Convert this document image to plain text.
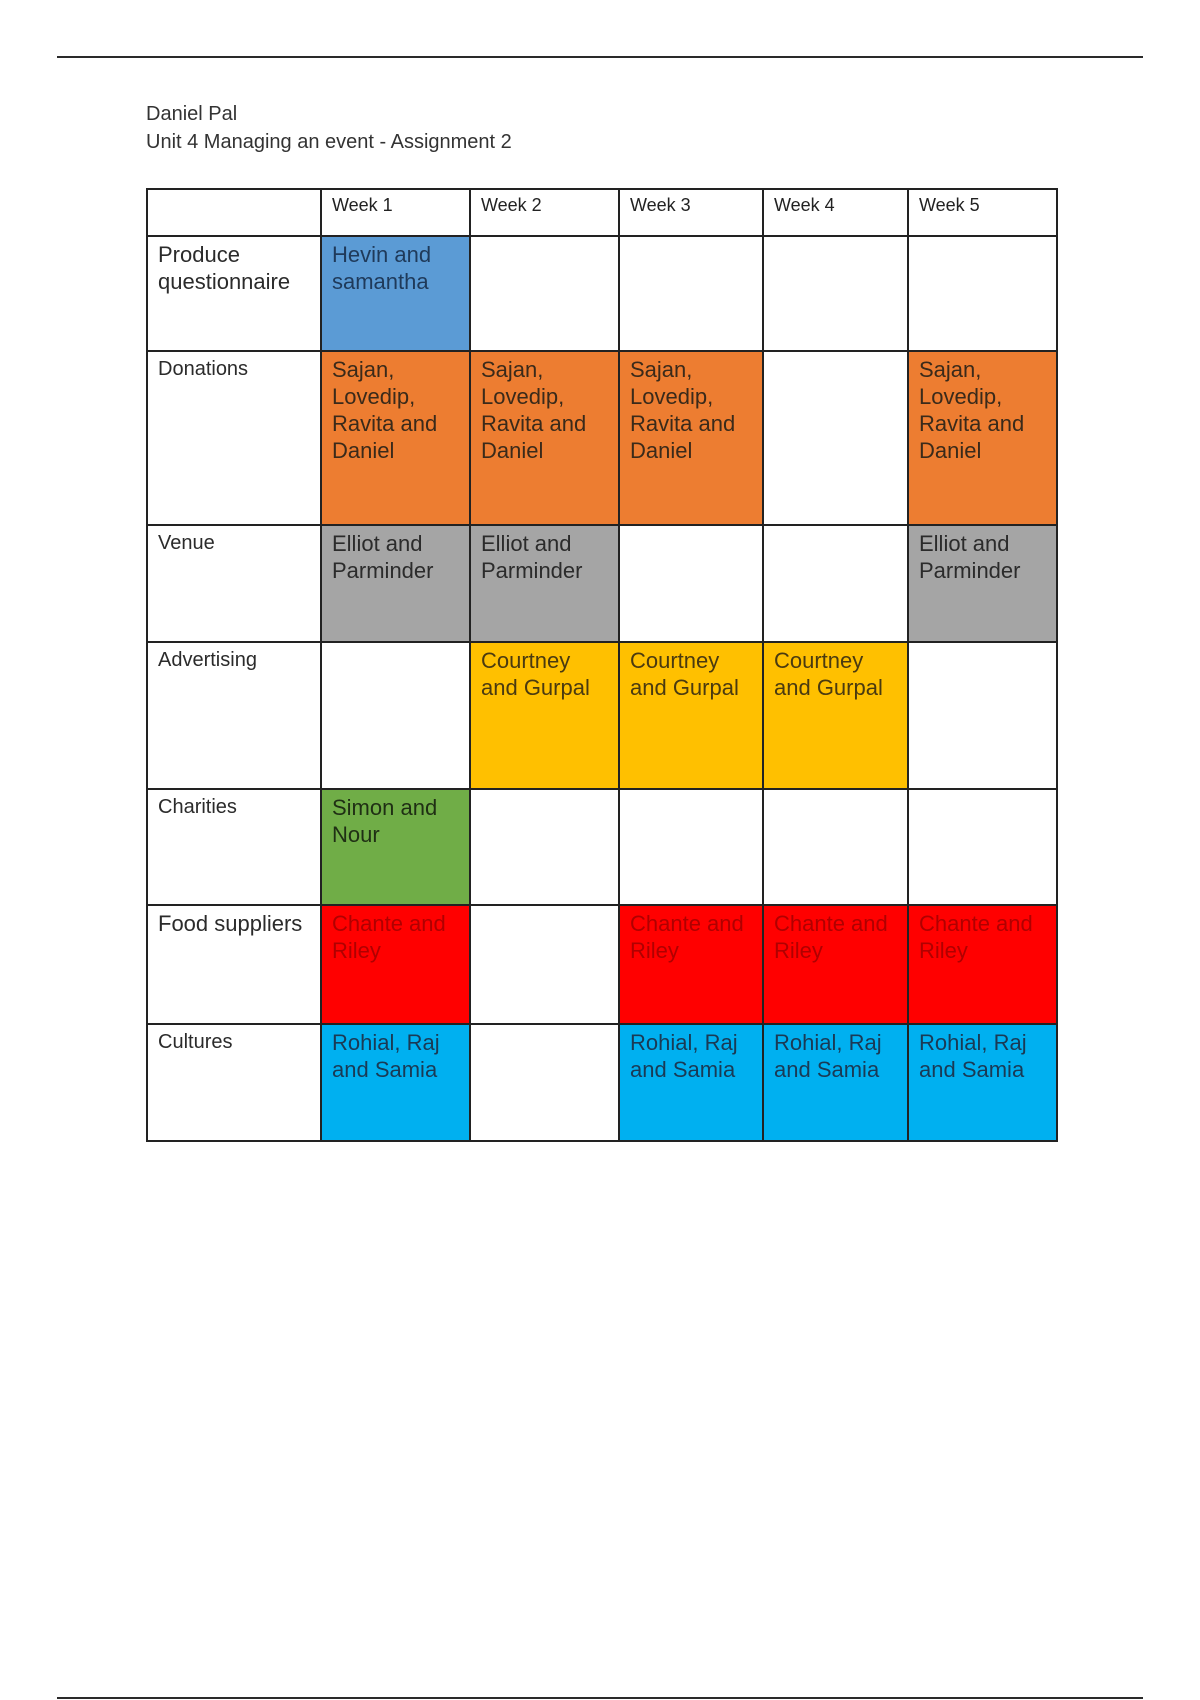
Daniel Pal
Unit 4 Managing an event - Assignment 2
	Week 1	Week 2	Week 3	Week 4	Week 5
Produce questionnaire	Hevin and samantha				

Donations	Sajan, Lovedip, Ravita and Daniel	Sajan, Lovedip, Ravita and Daniel	Sajan, Lovedip, Ravita and Daniel		Sajan, Lovedip, Ravita and Daniel

Venue	Elliot and Parminder	Elliot and Parminder			Elliot and Parminder

Advertising		Courtney and Gurpal	Courtney and Gurpal	Courtney and Gurpal	

Charities	Simon and Nour				

Food suppliers	Chante and Riley		Chante and Riley	Chante and Riley	Chante and Riley

Cultures	Rohial, Raj and Samia		Rohial, Raj and Samia	Rohial, Raj and Samia	Rohial, Raj and Samia
